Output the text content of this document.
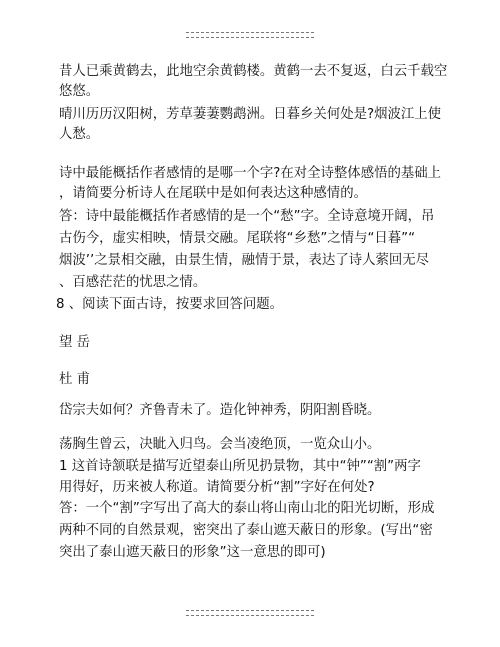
昔人已乘黄鹤去，此地空余黄鹤楼。黄鹤一去不复返，白云千载空
悠悠。
晴川历历汉阳树，芳草萋萋鹦鹉洲。日暮乡关何处是?烟波江上使
人愁。
诗中最能概括作者感情的是哪一个字?在对全诗整体感悟的基础上
，请简要分析诗人在尾联中是如何表达这种感情的。
答：诗中最能概括作者感情的是一个“愁”字。全诗意境开阔，吊
古伤今，虚实相映，情景交融。尾联将“乡愁”之情与“日暮”“
烟波’’之景相交融，由景生情，融情于景，表达了诗人萦回无尽
、百感茫茫的忧思之情。
8 、阅读下面古诗，按要求回答问题。
望 岳
杜 甫
岱宗夫如何？齐鲁青未了。造化钟神秀，阴阳割昏晓。
荡胸生曾云，决眦入归鸟。会当凌绝顶，一览众山小。
1 这首诗颔联是描写近望泰山所见扔景物，其中“钟”“割”两字
用得好，历来被人称道。请简要分析“割”字好在何处?
答：一个“割”字写出了高大的泰山将山南山北的阳光切断，形成
两种不同的自然景观，密突出了泰山遮天蔽日的形象。(写出“密
突出了泰山遮天蔽日的形象”这一意思的即可)
